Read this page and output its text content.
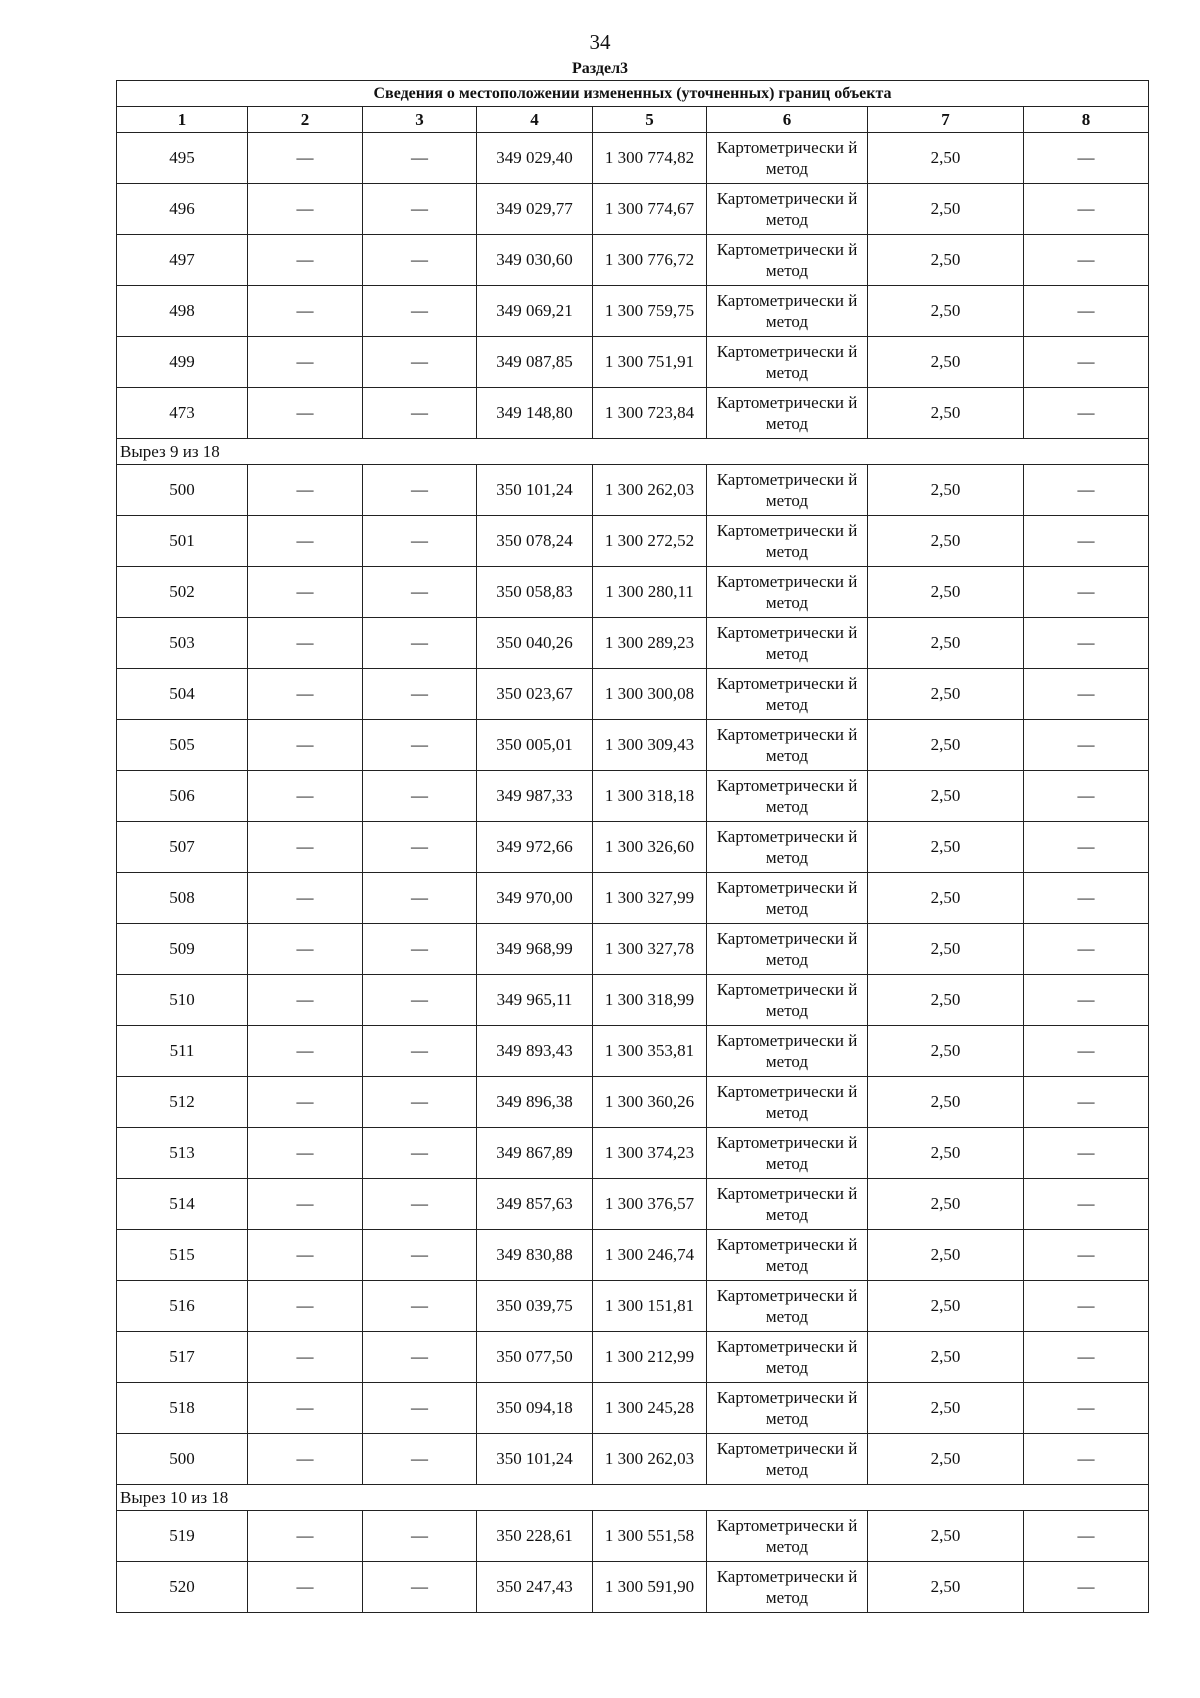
34
Раздел3
Сведения о местоположении измененных (уточненных) границ объекта							
1	2	3	4	5	6	7	8
495	—	—	349 029,40	1 300 774,82	Картометрически й метод	2,50	—
496	—	—	349 029,77	1 300 774,67	Картометрически й метод	2,50	—
497	—	—	349 030,60	1 300 776,72	Картометрически й метод	2,50	—
498	—	—	349 069,21	1 300 759,75	Картометрически й метод	2,50	—
499	—	—	349 087,85	1 300 751,91	Картометрически й метод	2,50	—
473	—	—	349 148,80	1 300 723,84	Картометрически й метод	2,50	—
Вырез 9 из 18							
500	—	—	350 101,24	1 300 262,03	Картометрически й метод	2,50	—
501	—	—	350 078,24	1 300 272,52	Картометрически й метод	2,50	—
502	—	—	350 058,83	1 300 280,11	Картометрически й метод	2,50	—
503	—	—	350 040,26	1 300 289,23	Картометрически й метод	2,50	—
504	—	—	350 023,67	1 300 300,08	Картометрически й метод	2,50	—
505	—	—	350 005,01	1 300 309,43	Картометрически й метод	2,50	—
506	—	—	349 987,33	1 300 318,18	Картометрически й метод	2,50	—
507	—	—	349 972,66	1 300 326,60	Картометрически й метод	2,50	—
508	—	—	349 970,00	1 300 327,99	Картометрически й метод	2,50	—
509	—	—	349 968,99	1 300 327,78	Картометрически й метод	2,50	—
510	—	—	349 965,11	1 300 318,99	Картометрически й метод	2,50	—
511	—	—	349 893,43	1 300 353,81	Картометрически й метод	2,50	—
512	—	—	349 896,38	1 300 360,26	Картометрически й метод	2,50	—
513	—	—	349 867,89	1 300 374,23	Картометрически й метод	2,50	—
514	—	—	349 857,63	1 300 376,57	Картометрически й метод	2,50	—
515	—	—	349 830,88	1 300 246,74	Картометрически й метод	2,50	—
516	—	—	350 039,75	1 300 151,81	Картометрически й метод	2,50	—
517	—	—	350 077,50	1 300 212,99	Картометрически й метод	2,50	—
518	—	—	350 094,18	1 300 245,28	Картометрически й метод	2,50	—
500	—	—	350 101,24	1 300 262,03	Картометрически й метод	2,50	—
Вырез 10 из 18							
519	—	—	350 228,61	1 300 551,58	Картометрически й метод	2,50	—
520	—	—	350 247,43	1 300 591,90	Картометрически й метод	2,50	—
